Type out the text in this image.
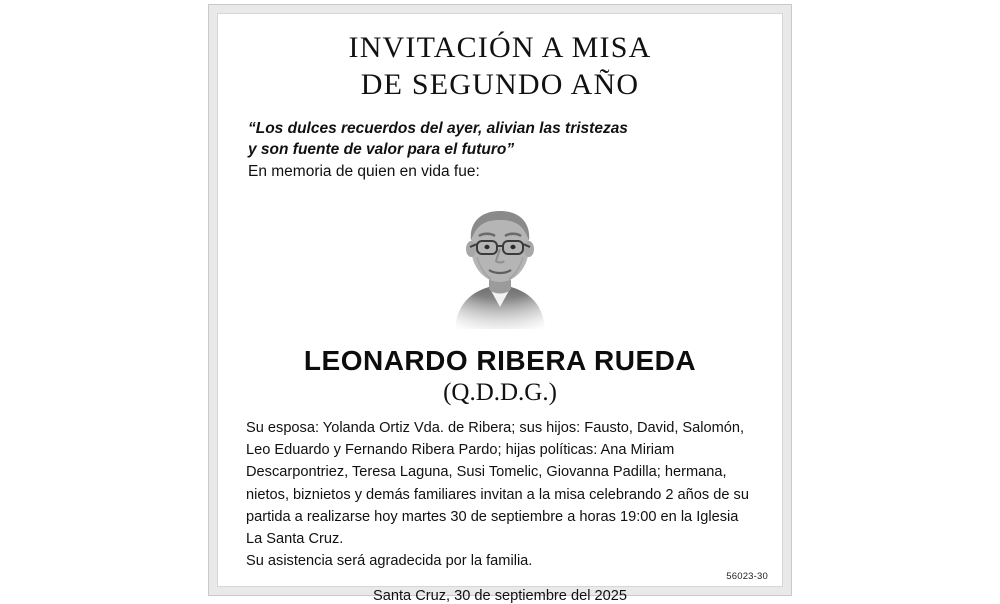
INVITACIÓN A MISA
DE SEGUNDO AÑO
“Los dulces recuerdos del ayer, alivian las tristezas
y son fuente de valor para el futuro”
En memoria de quien en vida fue:
LEONARDO RIBERA RUEDA
(Q.D.D.G.)

Su esposa: Yolanda Ortiz Vda. de Ribera; sus hijos: Fausto, David, Salomón, Leo Eduardo y Fernando Ribera Pardo; hijas políticas: Ana Miriam Descarpontriez, Teresa Laguna, Susi Tomelic, Giovanna Padilla; hermana, nietos, biznietos y demás familiares invitan a la misa celebrando 2 años de su partida a realizarse hoy martes 30 de septiembre a horas 19:00 en la Iglesia La Santa Cruz.

Su asistencia será agradecida por la familia.

Santa Cruz, 30 de septiembre del 2025
56023-30
